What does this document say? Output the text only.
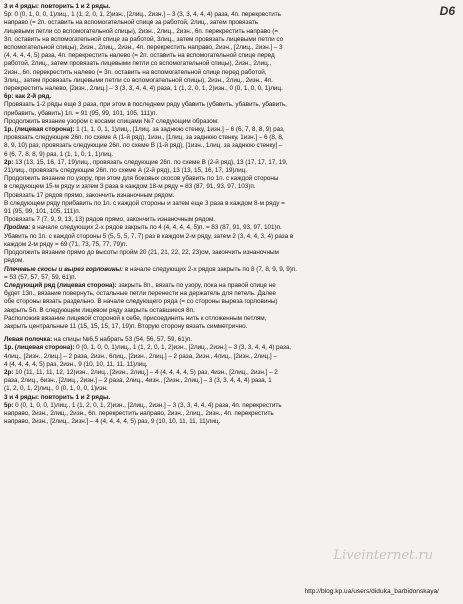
D6

3 и 4 ряды: повторить 1 и 2 ряды.

5р: 0 (0, 1, 0, 0, 1)лиц., 1 (1, 2, 0, 1, 2)изн., [2лиц., 2изн.] – 3 (3, 3, 4, 4, 4) раза, 4п. перекрестить

направо (= 2п. оставить на вспомогательной спице за работой, 2лиц., затем провязать

лицевыми петли со вспомогательной спицы), 2изн., 2лиц., 2изн., 6п. перекрестить направо (=

3п. оставить на вспомогательной спице за работой, 3лиц., затем провязать лицевыми петли со

вспомогательной спицы), 2изн., 2лиц., 2изн., 4п. перекрестить направо, 2изн., [2лиц., 2изн.] – 3

(4, 4, 4, 4, 5) раза, 4п. перекрестить налево (= 2п. оставить на вспомогательной спице перед

работой, 2лиц., затем провязать лицевыми петли со вспомогательной спицы), 2изн., 2лиц.,

2изн., 6п. перекрестить налево (= 3п. оставить на вспомогательной спице перед работой,

3лиц., затем провязать лицевыми петли со вспомогательной спицы), 2изн., 2лиц., 2изн., 4п.

перекрестить налево, [2изн., 2лиц.] – 3 (3, 3, 4, 4, 4) раза, 1 (1, 2, 0, 1, 2)изн., 0 (0, 1, 0, 0, 1)лиц.

6р: как 2-й ряд.

Провязать 1-2 ряды еще 3 раза, при этом в последнем ряду убавить (убавить, убавить, убавить,

прибавить, убавить) 1п. = 91 (95, 99, 101, 105, 111)п.

Продолжить вязание узором с косами спицами №7 следующим образом:

1р. (лицевая сторона): 1 (1, 1, 0, 1, 1)лиц., [1лиц. за заднюю стенку, 1изн.] – 6 (6, 7, 8, 8, 9) раз,

провязать следующие 26п. по схеме А (1-й ряд), 1изн., [1лиц. за заднюю стенку, 1изн.] – 6 (8, 8,

8, 9, 10) раз, провязать следующие 26п. по схеме В (1-й ряд), [1изн., 1лиц. за заднюю стенку] –

6 (6, 7, 8, 8, 9) раз, 1 (1, 1, 0, 1, 1)лиц.

2р: 13 (13, 15, 16, 17, 19)лиц., провязать следующие 26п. по схеме В (2-й ряд), 13 (17, 17, 17, 19,

21)лиц., провязать следующие 26п. по схеме А (2-й ряд), 13 (13, 15, 16, 17, 19)лиц.

Продолжить вязание по узору, при этом для боковых скосов убавить по 1п. с каждой стороны

в следующем 15-м ряду и затем 3 раза в каждом 18-м ряду = 83 (87, 91, 93, 97, 103)п.

Провязать 17 рядов прямо, закончить изнаночным рядом.

В следующем ряду прибавить по 1п. с каждой стороны и затем еще 3 раза в каждом 8-м ряду =

91 (95, 99, 101, 105, 111)п.

Провязать 7 (7, 9, 9, 13, 13) рядов прямо, закончить изнаночным рядом.

Пройма: в начале следующих 2-х рядов закрыть по 4 (4, 4, 4, 4, 5)п. = 83 (87, 91, 93, 97, 101)п.

Убавить по 1п. с каждой стороны 5 (5, 5, 5, 7, 7) раз в каждом 2-м ряду, затем 2 (3, 4, 4, 3, 4) раза в

каждом 2-м ряду = 69 (71, 73, 75, 77, 79)п.

Продолжить вязание прямо до высоты пройм 20 (21, 21, 22, 22, 23)см, закончить изнаночным

рядом.

Плечевые скосы и вырез горловины: в начале следующих 2-х рядов закрыть по 8 (7, 8, 9, 9, 9)п.

= 53 (57, 57, 57, 59, 61)п.

Следующий ряд (лицевая сторона): закрыть 8п., вязать по узору, пока на правой спице не

будет 13п., вязание повернуть, остальные петли перенести на держатель для петель. Далее

обе стороны вязать раздельно. В начале следующего ряда (= со стороны выреза горловины)

закрыть 5п. В следующем лицевом ряду закрыть оставшиеся 8п.

Расположив вязание лицевой стороной к себе, присоединить нить к отложенным петлям,

закрыть центральные 11 (15, 15, 15, 17, 19)п. Вторую сторону вязать симметрично.

Левая полочка: на спицы №6,5 набрать 53 (54, 56, 57, 59, 61)п.

1р. (лицевая сторона): 0 (0, 1, 0, 0, 1)лиц., 1 (1, 2, 0, 1, 2)изн., [2лиц., 2изн.] – 3 (3, 3, 4, 4, 4) раза,

4лиц., [2изн., 2лиц.] – 2 раза, 2изн., 6лиц., [2изн., 2лиц.] – 2 раза, 2изн., 4лиц., [2изн., 2лиц.] –

4 (4, 4, 4, 4, 5) раз, 2изн., 9 (10, 10, 11, 11, 11)лиц.

2р: 10 (11, 11, 11, 12, 12)изн., 2лиц., [2изн., 2лиц.] – 4 (4, 4, 4, 4, 5) раз, 4изн., [2лиц., 2изн.] – 2

раза, 2лиц., 6изн., [2лиц., 2изн.] – 2 раза, 2лиц., 4изн., [2изн., 2лиц.] – 3 (3, 3, 4, 4, 4) раза, 1

(1, 2, 0, 1, 2)лиц., 0 (0, 1, 0, 0, 1)изн.

3 и 4 ряды: повторить 1 и 2 ряды.

5р: 0 (0, 1, 0, 0, 1)лиц., 1 (1, 2, 0, 1, 2)изн., [2лиц., 2изн.] – 3 (3, 3, 4, 4, 4) раза, 4п. перекрестить

направо, 2изн., 2лиц., 2изн., 6п. перекрестить направо, 2изн., 2лиц., 2изн., 4п. перекрестить

направо, 2изн., [2лиц., 2изн.] – 4 (4, 4, 4, 4, 5) раз, 9 (10, 10, 11, 11, 11)лиц.

Liveinternet.ru
http://blog.kp.ua/users/diduka_barbidonskaya/
